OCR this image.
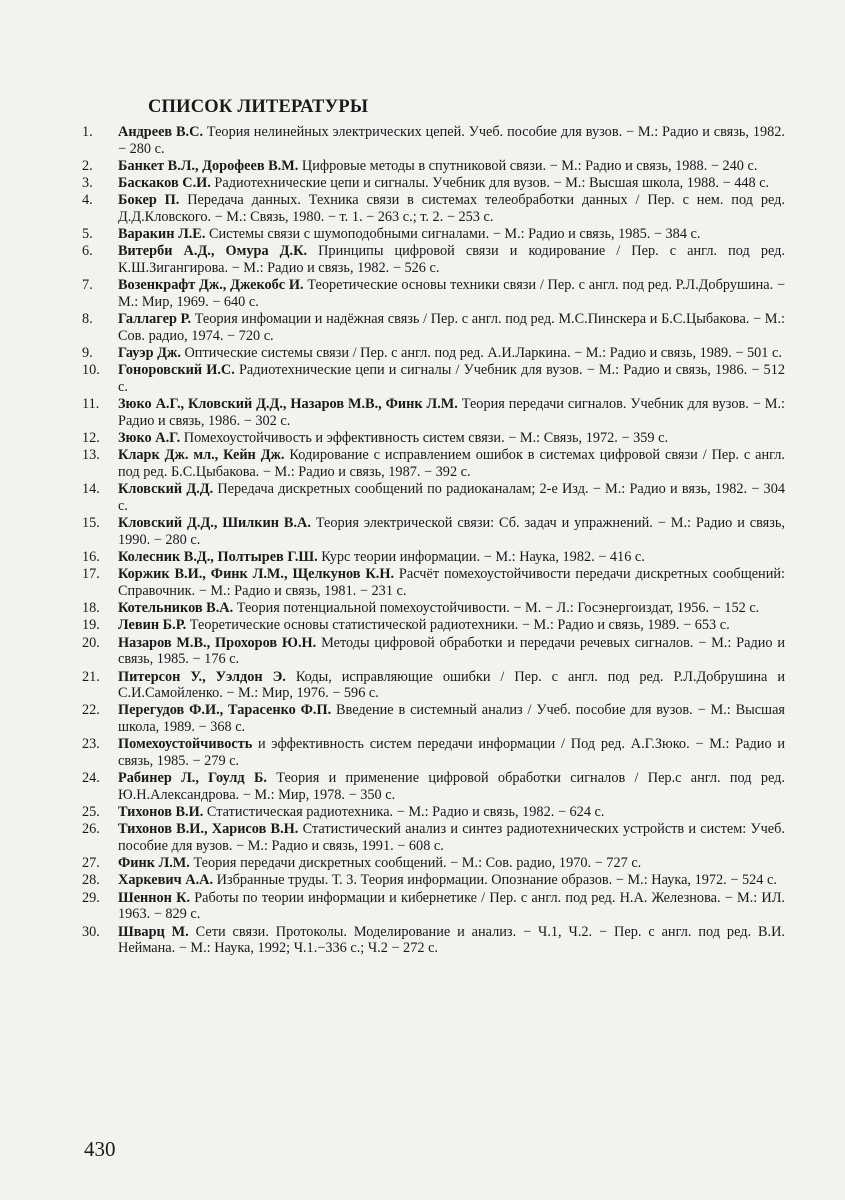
СПИСОК ЛИТЕРАТУРЫ
1.	Андреев В.С. Теория нелинейных электрических цепей. Учеб. пособие для вузов. − М.: Радио и связь, 1982. − 280 с.
2.	Банкет В.Л., Дорофеев В.М. Цифровые методы в спутниковой связи. − М.: Радио и связь, 1988. − 240 с.
3.	Баскаков С.И. Радиотехнические цепи и сигналы. Учебник для вузов. − М.: Высшая школа, 1988. − 448 с.
4.	Бокер П. Передача данных. Техника связи в системах телеобработки данных / Пер. с нем. под ред. Д.Д.Кловского. − М.: Связь, 1980. − т. 1. − 263 с.; т. 2. − 253 с.
5.	Варакин Л.Е. Системы связи с шумоподобными сигналами. − М.: Радио и связь, 1985. − 384 с.
6.	Витерби А.Д., Омура Д.К. Принципы цифровой связи и кодирование / Пер. с англ. под ред. К.Ш.Зигангирова. − М.: Радио и связь, 1982. − 526 с.
7.	Возенкрафт Дж., Джекобс И. Теоретические основы техники связи / Пер. с англ. под ред. Р.Л.Добрушина. − М.: Мир, 1969. − 640 с.
8.	Галлагер Р. Теория инфомации и надёжная связь / Пер. с англ. под ред. М.С.Пинскера и Б.С.Цыбакова. − М.: Сов. радио, 1974. − 720 с.
9.	Гауэр Дж. Оптические системы связи / Пер. с англ. под ред. А.И.Ларкина. − М.: Радио и связь, 1989. − 501 с.
10.	Гоноровский И.С. Радиотехнические цепи и сигналы / Учебник для вузов. − М.: Радио и связь, 1986. − 512 с.
11.	Зюко А.Г., Кловский Д.Д., Назаров М.В., Финк Л.М. Теория передачи сигналов. Учебник для вузов. − М.: Радио и связь, 1986. − 302 с.
12.	Зюко А.Г. Помехоустойчивость и эффективность систем связи. − М.: Связь, 1972. − 359 с.
13.	Кларк Дж. мл., Кейн Дж. Кодирование с исправлением ошибок в системах цифровой связи / Пер. с англ. под ред. Б.С.Цыбакова. − М.: Радио и связь, 1987. − 392 с.
14.	Кловский Д.Д. Передача дискретных сообщений по радиоканалам; 2-е Изд. − М.: Радио и вязь, 1982. − 304 с.
15.	Кловский Д.Д., Шилкин В.А. Теория электрической связи: Сб. задач и упражнений. − М.: Радио и связь, 1990. − 280 с.
16.	Колесник В.Д., Полтырев Г.Ш. Курс теории информации. − М.: Наука, 1982. − 416 с.
17.	Коржик В.И., Финк Л.М., Щелкунов К.Н. Расчёт помехоустойчивости передачи дискретных сообщений: Справочник. − М.: Радио и связь, 1981. − 231 с.
18.	Котельников В.А. Теория потенциальной помехоустойчивости. − М. − Л.: Госэнергоиздат, 1956. − 152 с.
19.	Левин Б.Р. Теоретические основы статистической радиотехники. − М.: Радио и связь, 1989. − 653 с.
20.	Назаров М.В., Прохоров Ю.Н. Методы цифровой обработки и передачи речевых сигналов. − М.: Радио и связь, 1985. − 176 с.
21.	Питерсон У., Уэлдон Э. Коды, исправляющие ошибки / Пер. с англ. под ред. Р.Л.Добрушина и С.И.Самойленко. − М.: Мир, 1976. − 596 с.
22.	Перегудов Ф.И., Тарасенко Ф.П. Введение в системный анализ / Учеб. пособие для вузов. − М.: Высшая школа, 1989. − 368 с.
23.	Помехоустойчивость и эффективность систем передачи информации / Под ред. А.Г.Зюко. − М.: Радио и связь, 1985. − 279 с.
24.	Рабинер Л., Гоулд Б. Теория и применение цифровой обработки сигналов / Пер.с англ. под ред. Ю.Н.Александрова. − М.: Мир, 1978. − 350 с.
25.	Тихонов В.И. Статистическая радиотехника. − М.: Радио и связь, 1982. − 624 с.
26.	Тихонов В.И., Харисов В.Н. Статистический анализ и синтез радиотехнических устройств и систем: Учеб. пособие для вузов. − М.: Радио и связь, 1991. − 608 с.
27.	Финк Л.М. Теория передачи дискретных сообщений. − М.: Сов. радио, 1970. − 727 с.
28.	Харкевич А.А. Избранные труды. Т. 3. Теория информации. Опознание образов. − М.: Наука, 1972. − 524 с.
29.	Шеннон К. Работы по теории информации и кибернетике / Пер. с англ. под ред. Н.А. Железнова. − М.: ИЛ. 1963. − 829 с.
30.	Шварц М. Сети связи. Протоколы. Моделирование и анализ. − Ч.1, Ч.2. − Пер. с англ. под ред. В.И. Неймана. − М.: Наука, 1992; Ч.1.−336 с.; Ч.2 − 272 с.
430
